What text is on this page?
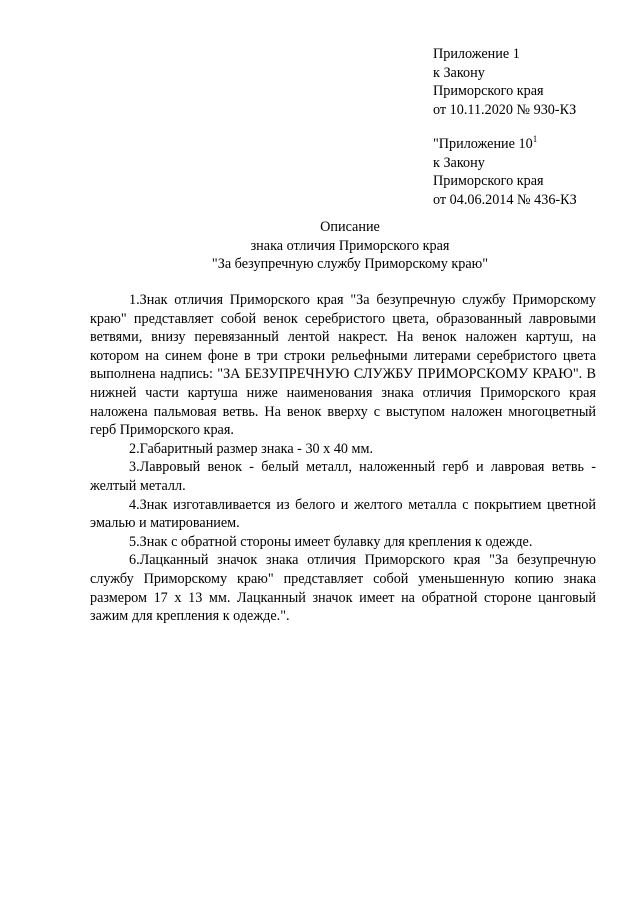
Приложение 1
к Закону
Приморского края
от 10.11.2020 № 930-КЗ
"Приложение $10^1$
к Закону
Приморского края
от 04.06.2014 № 436-КЗ
Описание
знака отличия Приморского края
"За безупречную службу Приморскому краю"

1.Знак отличия Приморского края "За безупречную службу Приморскому краю" представляет собой венок серебристого цвета, образованный лавровыми ветвями, внизу перевязанный лентой накрест. На венок наложен картуш, на котором на синем фоне в три строки рельефными литерами серебристого цвета выполнена надпись: "ЗА БЕЗУПРЕЧНУЮ СЛУЖБУ ПРИМОРСКОМУ КРАЮ". В нижней части картуша ниже наименования знака отличия Приморского края наложена пальмовая ветвь. На венок вверху с выступом наложен многоцветный герб Приморского края.

2.Габаритный размер знака - 30 х 40 мм.

3.Лавровый венок - белый металл, наложенный герб и лавровая ветвь - желтый металл.

4.Знак изготавливается из белого и желтого металла с покрытием цветной эмалью и матированием.

5.Знак с обратной стороны имеет булавку для крепления к одежде.

6.Лацканный значок знака отличия Приморского края "За безупречную службу Приморскому краю" представляет собой уменьшенную копию знака размером 17 х 13 мм. Лацканный значок имеет на обратной стороне цанговый зажим для крепления к одежде.".
